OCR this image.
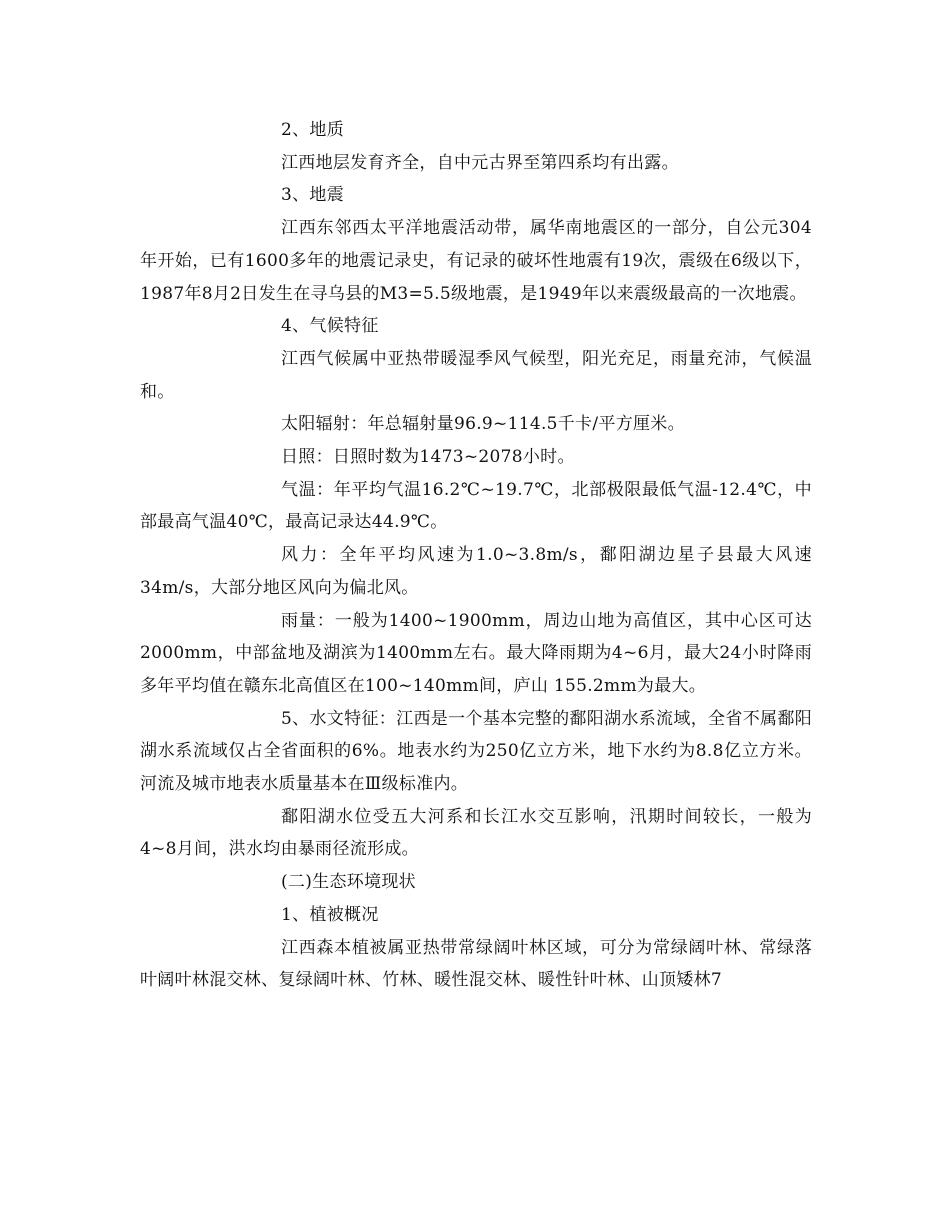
2、地质

江西地层发育齐全，自中元古界至第四系均有出露。

3、地震

江西东邻西太平洋地震活动带，属华南地震区的一部分，自公元304年开始，已有1600多年的地震记录史，有记录的破坏性地震有19次，震级在6级以下，1987年8月2日发生在寻乌县的M3=5.5级地震，是1949年以来震级最高的一次地震。

4、气候特征

江西气候属中亚热带暖湿季风气候型，阳光充足，雨量充沛，气候温和。

太阳辐射：年总辐射量96.9~114.5千卡/平方厘米。

日照：日照时数为1473~2078小时。

气温：年平均气温16.2℃~19.7℃，北部极限最低气温-12.4℃，中部最高气温40℃，最高记录达44.9℃。

风力：全年平均风速为1.0~3.8m/s，鄱阳湖边星子县最大风速34m/s，大部分地区风向为偏北风。

雨量：一般为1400~1900mm，周边山地为高值区，其中心区可达2000mm，中部盆地及湖滨为1400mm左右。最大降雨期为4~6月，最大24小时降雨多年平均值在赣东北高值区在100~140mm间，庐山 155.2mm为最大。

5、水文特征：江西是一个基本完整的鄱阳湖水系流域，全省不属鄱阳湖水系流域仅占全省面积的6%。地表水约为250亿立方米，地下水约为8.8亿立方米。河流及城市地表水质量基本在Ⅲ级标准内。

鄱阳湖水位受五大河系和长江水交互影响，汛期时间较长，一般为4~8月间，洪水均由暴雨径流形成。

(二)生态环境现状

1、植被概况

江西森本植被属亚热带常绿阔叶林区域，可分为常绿阔叶林、常绿落叶阔叶林混交林、复绿阔叶林、竹林、暖性混交林、暖性针叶林、山顶矮林7
